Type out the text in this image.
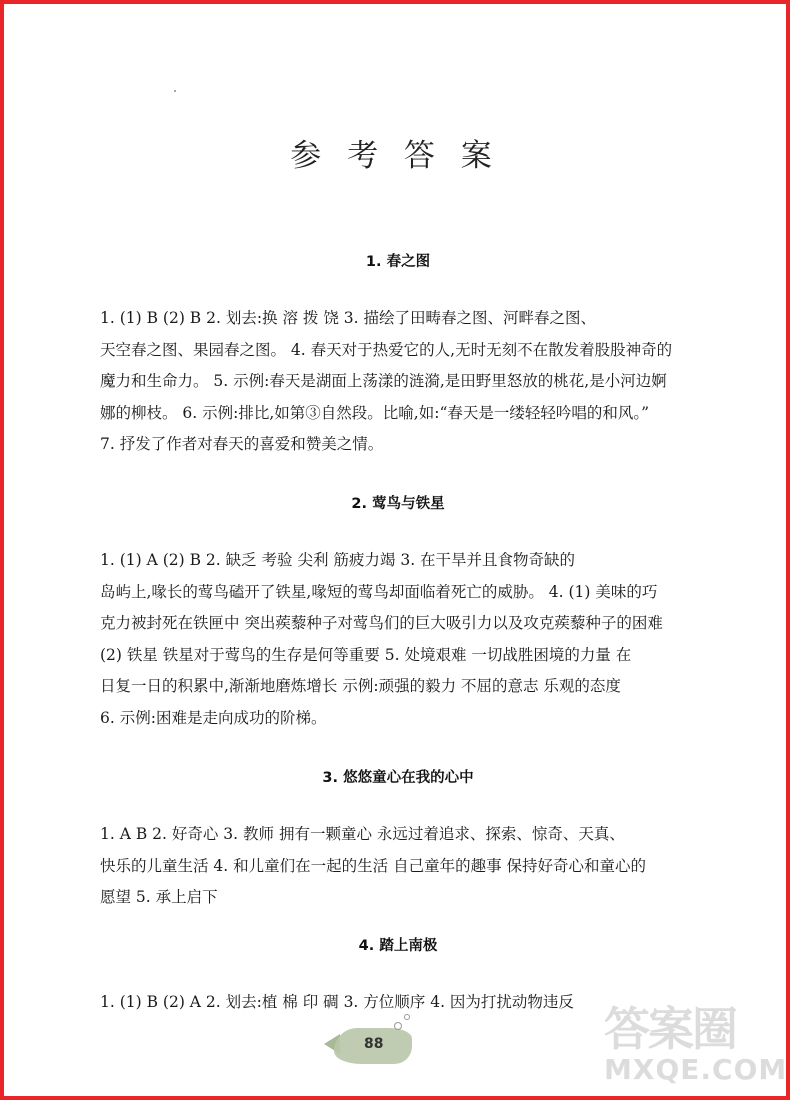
参 考 答 案
1. 春之图
1. (1) B (2) B 2. 划去:换 溶 拨 饶 3. 描绘了田畴春之图、河畔春之图、
天空春之图、果园春之图。 4. 春天对于热爱它的人,无时无刻不在散发着股股神奇的
魔力和生命力。 5. 示例:春天是湖面上荡漾的涟漪,是田野里怒放的桃花,是小河边婀
娜的柳枝。 6. 示例:排比,如第③自然段。比喻,如:“春天是一缕轻轻吟唱的和风。”
7. 抒发了作者对春天的喜爱和赞美之情。
2. 莺鸟与铁星
1. (1) A (2) B 2. 缺乏 考验 尖利 筋疲力竭 3. 在干旱并且食物奇缺的
岛屿上,喙长的莺鸟磕开了铁星,喙短的莺鸟却面临着死亡的威胁。 4. (1) 美味的巧
克力被封死在铁匣中 突出蒺藜种子对莺鸟们的巨大吸引力以及攻克蒺藜种子的困难
(2) 铁星 铁星对于莺鸟的生存是何等重要 5. 处境艰难 一切战胜困境的力量 在
日复一日的积累中,渐渐地磨炼增长 示例:顽强的毅力 不屈的意志 乐观的态度
6. 示例:困难是走向成功的阶梯。
3. 悠悠童心在我的心中
1. A B 2. 好奇心 3. 教师 拥有一颗童心 永远过着追求、探索、惊奇、天真、
快乐的儿童生活 4. 和儿童们在一起的生活 自己童年的趣事 保持好奇心和童心的
愿望 5. 承上启下
4. 踏上南极
1. (1) B (2) A 2. 划去:植 棉 印 碉 3. 方位顺序 4. 因为打扰动物违反
88	答案圈
MXQE.COM
